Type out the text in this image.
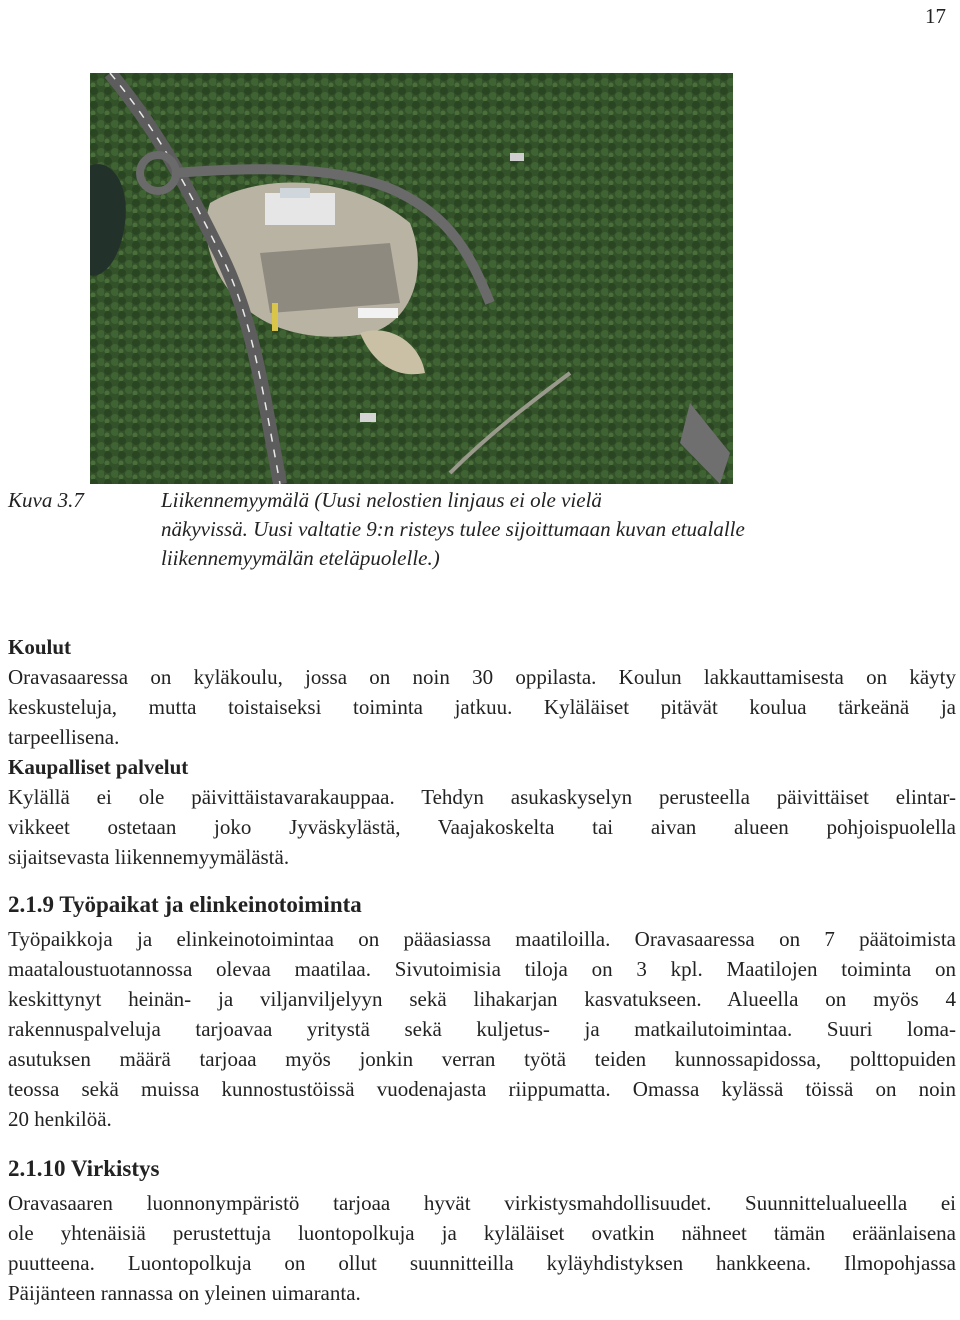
17
Kuva 3.7	Liikennemyymälä (Uusi nelostien linjaus ei ole vielä
näkyvissä. Uusi valtatie 9:n risteys tulee sijoittumaan kuvan etualalle
liikennemyymälän eteläpuolelle.)

Koulut

Oravasaaressa on kyläkoulu, jossa on noin 30 oppilasta. Koulun lakkauttamisesta on käyty
keskusteluja, mutta toistaiseksi toiminta jatkuu. Kyläläiset pitävät koulua tärkeänä ja
tarpeellisena.

Kaupalliset palvelut

Kylällä ei ole päivittäistavarakauppaa. Tehdyn asukaskyselyn perusteella päivittäiset elintar-
vikkeet ostetaan joko Jyväskylästä, Vaajakoskelta tai aivan alueen pohjoispuolella
sijaitsevasta liikennemyymälästä.

2.1.9 Työpaikat ja elinkeinotoiminta

Työpaikkoja ja elinkeinotoimintaa on pääasiassa maatiloilla. Oravasaaressa on 7 päätoimista
maataloustuotannossa olevaa maatilaa. Sivutoimisia tiloja on 3 kpl. Maatilojen toiminta on
keskittynyt heinän- ja viljanviljelyyn sekä lihakarjan kasvatukseen. Alueella on myös 4
rakennuspalveluja tarjoavaa yritystä sekä kuljetus- ja matkailutoimintaa. Suuri loma-
asutuksen määrä tarjoaa myös jonkin verran työtä teiden kunnossapidossa, polttopuiden
teossa sekä muissa kunnostustöissä vuodenajasta riippumatta. Omassa kylässä töissä on noin
20 henkilöä.

2.1.10 Virkistys

Oravasaaren luonnonympäristö tarjoaa hyvät virkistysmahdollisuudet. Suunnittelualueella ei
ole yhtenäisiä perustettuja luontopolkuja ja kyläläiset ovatkin nähneet tämän eräänlaisena
puutteena. Luontopolkuja on ollut suunnitteilla kyläyhdistyksen hankkeena. Ilmopohjassa
Päijänteen rannassa on yleinen uimaranta.
